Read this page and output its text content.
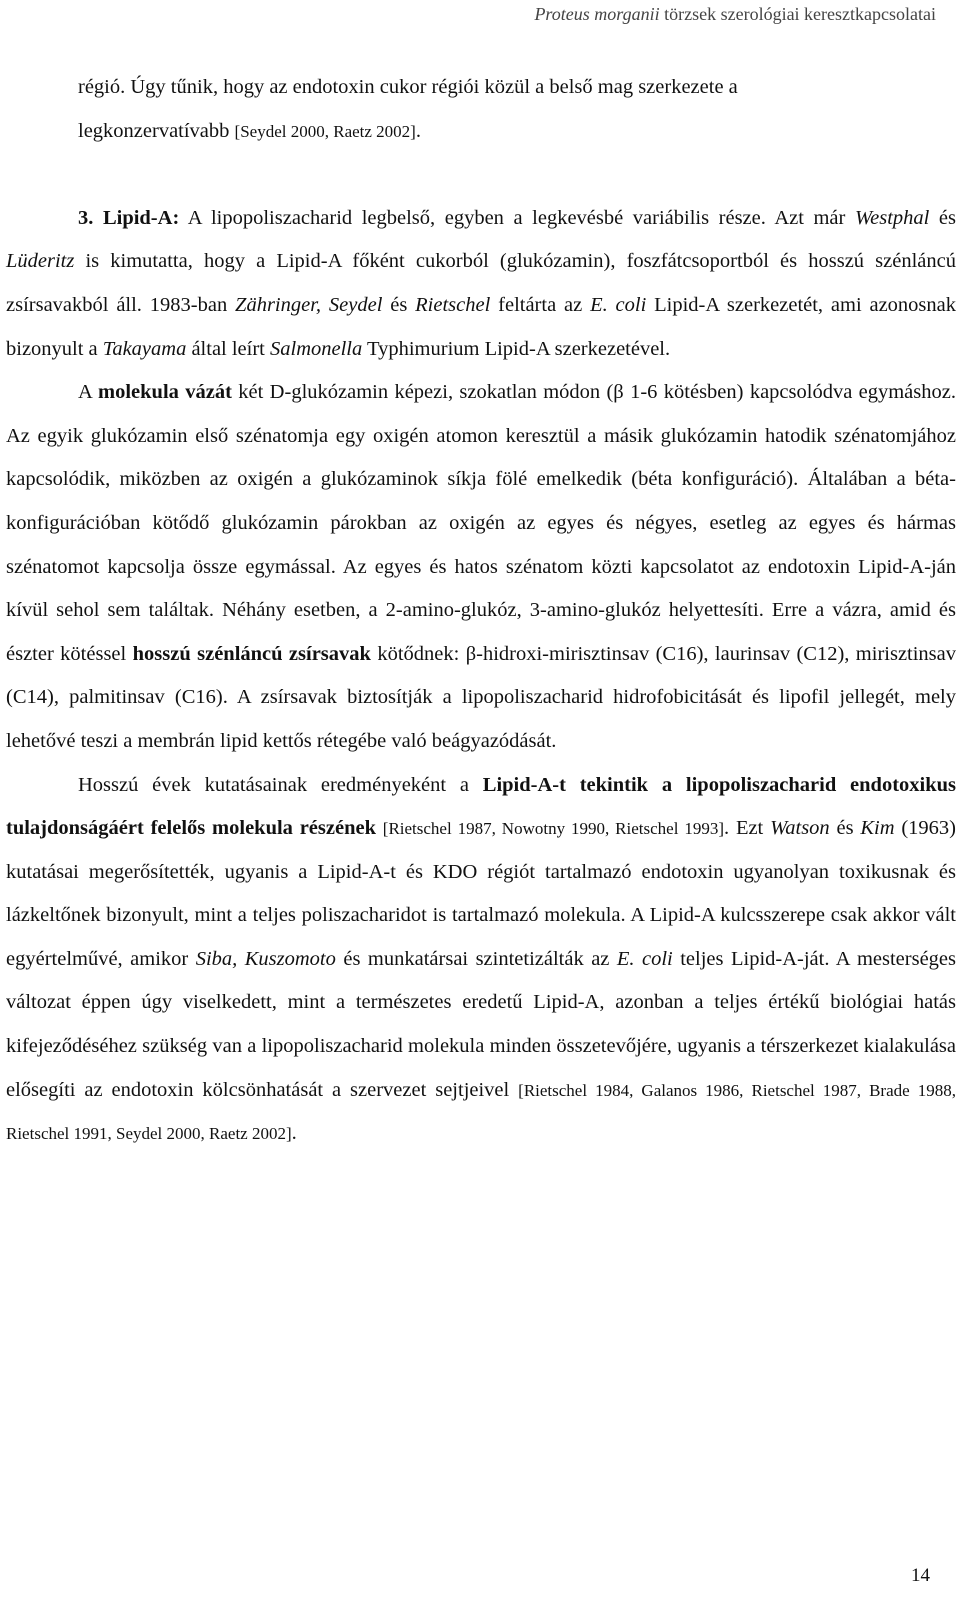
Proteus morganii törzsek szerológiai keresztkapcsolatai

régió. Úgy tűnik, hogy az endotoxin cukor régiói közül a belső mag szerkezete a
legkonzervatívabb [Seydel 2000, Raetz 2002].

3. Lipid-A: A lipopoliszacharid legbelső, egyben a legkevésbé variábilis része. Azt már Westphal és Lüderitz is kimutatta, hogy a Lipid-A főként cukorból (glukózamin), foszfátcsoportból és hosszú szénláncú zsírsavakból áll. 1983-ban Zähringer, Seydel és Rietschel feltárta az E. coli Lipid-A szerkezetét, ami azonosnak bizonyult a Takayama által leírt Salmonella Typhimurium Lipid-A szerkezetével.

A molekula vázát két D-glukózamin képezi, szokatlan módon (β 1-6 kötésben) kapcsolódva egymáshoz. Az egyik glukózamin első szénatomja egy oxigén atomon keresztül a másik glukózamin hatodik szénatomjához kapcsolódik, miközben az oxigén a glukózaminok síkja fölé emelkedik (béta konfiguráció). Általában a béta-konfigurációban kötődő glukózamin párokban az oxigén az egyes és négyes, esetleg az egyes és hármas szénatomot kapcsolja össze egymással. Az egyes és hatos szénatom közti kapcsolatot az endotoxin Lipid-A-ján kívül sehol sem találtak. Néhány esetben, a 2-amino-glukóz, 3-amino-glukóz helyettesíti. Erre a vázra, amid és észter kötéssel hosszú szénláncú zsírsavak kötődnek: β-hidroxi-mirisztinsav (C16), laurinsav (C12), mirisztinsav (C14), palmitinsav (C16). A zsírsavak biztosítják a lipopoliszacharid hidrofobicitását és lipofil jellegét, mely lehetővé teszi a membrán lipid kettős rétegébe való beágyazódását.

Hosszú évek kutatásainak eredményeként a Lipid-A-t tekintik a lipopoliszacharid endotoxikus tulajdonságáért felelős molekula részének [Rietschel 1987, Nowotny 1990, Rietschel 1993]. Ezt Watson és Kim (1963) kutatásai megerősítették, ugyanis a Lipid-A-t és KDO régiót tartalmazó endotoxin ugyanolyan toxikusnak és lázkeltőnek bizonyult, mint a teljes poliszacharidot is tartalmazó molekula. A Lipid-A kulcsszerepe csak akkor vált egyértelművé, amikor Siba, Kuszomoto és munkatársai szintetizálták az E. coli teljes Lipid-A-ját. A mesterséges változat éppen úgy viselkedett, mint a természetes eredetű Lipid-A, azonban a teljes értékű biológiai hatás kifejeződéséhez szükség van a lipopoliszacharid molekula minden összetevőjére, ugyanis a térszerkezet kialakulása elősegíti az endotoxin kölcsönhatását a szervezet sejtjeivel [Rietschel 1984, Galanos 1986, Rietschel 1987, Brade 1988, Rietschel 1991, Seydel 2000, Raetz 2002].

14
